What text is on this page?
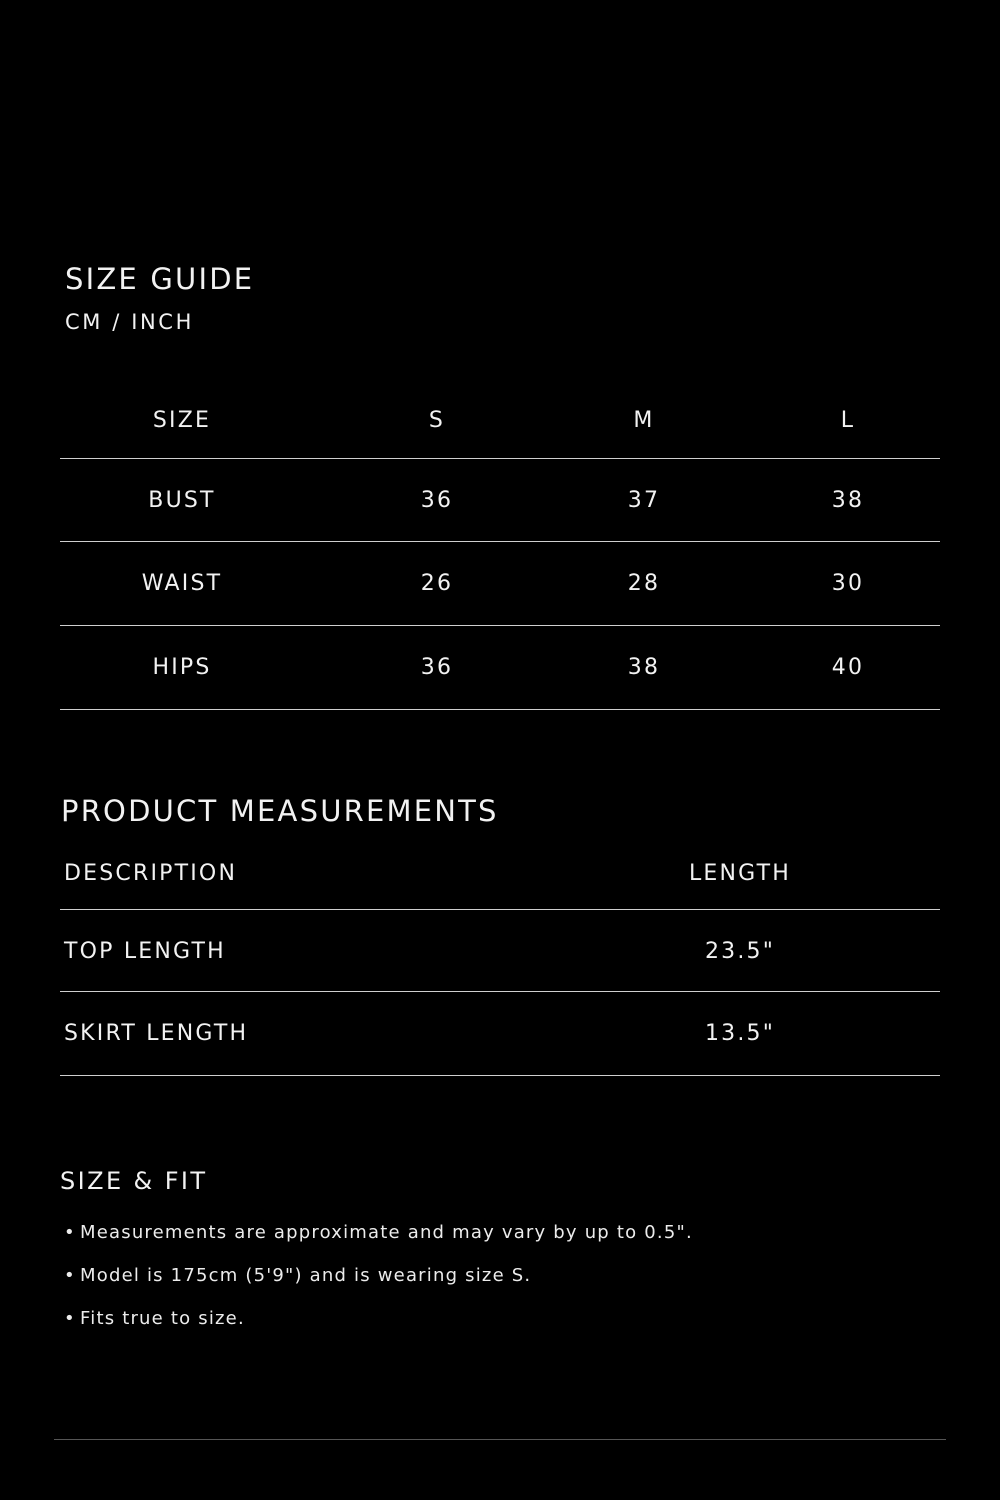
SIZE GUIDE
CM / INCH
SIZE	S	M	L
BUST	36	37	38
WAIST	26	28	30
HIPS	36	38	40
PRODUCT MEASUREMENTS
DESCRIPTION	LENGTH
TOP LENGTH	23.5"
SKIRT LENGTH	13.5"
SIZE & FIT
• Measurements are approximate and may vary by up to 0.5".
• Model is 175cm (5'9") and is wearing size S.
• Fits true to size.
